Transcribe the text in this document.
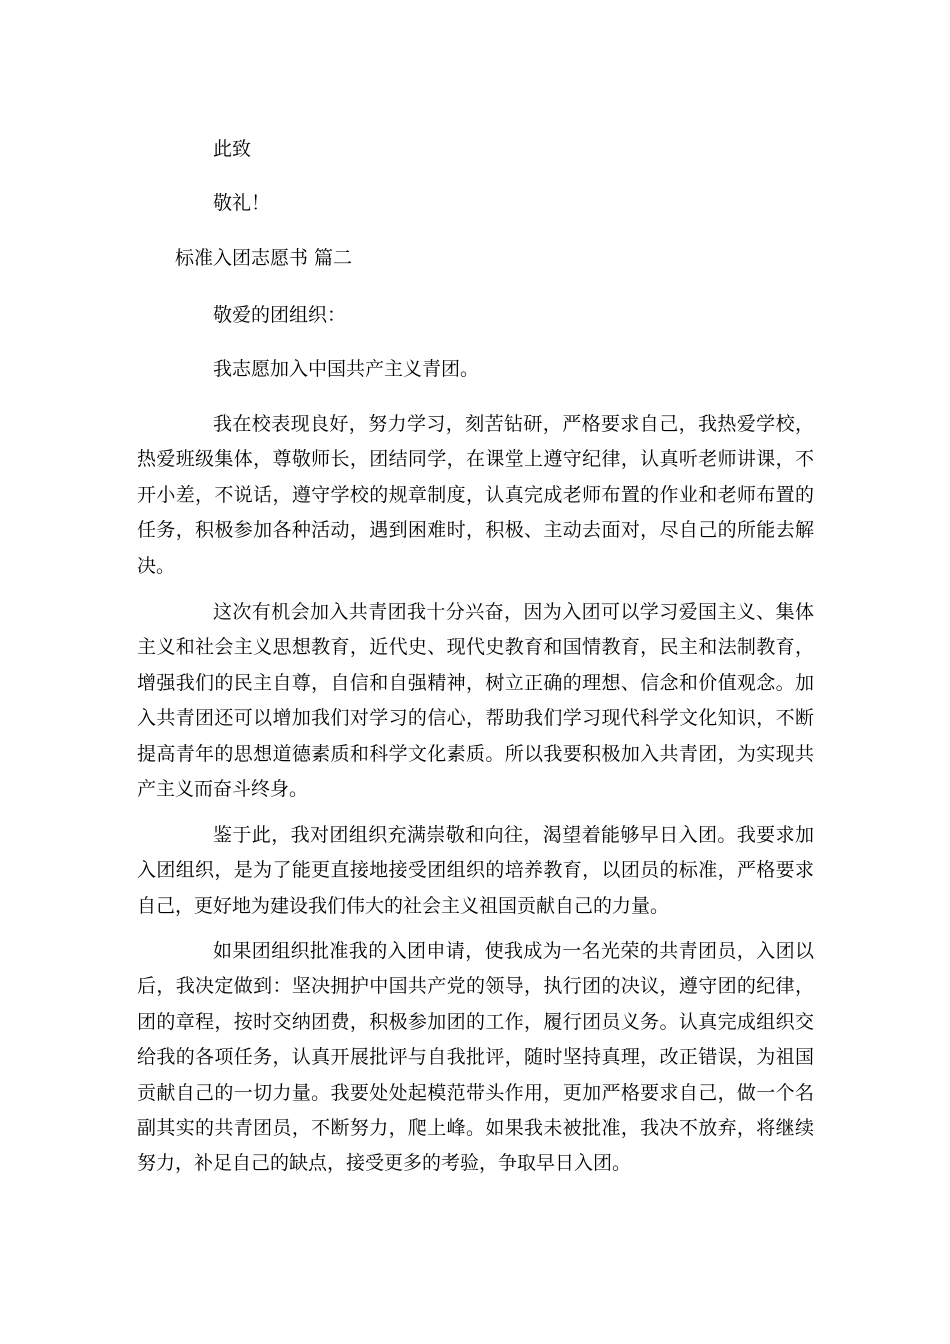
此致

敬礼！

标准入团志愿书 篇二

敬爱的团组织：

我志愿加入中国共产主义青团。

我在校表现良好，努力学习，刻苦钻研，严格要求自己，我热爱学校，热爱班级集体，尊敬师长，团结同学，在课堂上遵守纪律，认真听老师讲课，不开小差，不说话，遵守学校的规章制度，认真完成老师布置的作业和老师布置的任务，积极参加各种活动，遇到困难时，积极、主动去面对，尽自己的所能去解决。

这次有机会加入共青团我十分兴奋，因为入团可以学习爱国主义、集体主义和社会主义思想教育，近代史、现代史教育和国情教育，民主和法制教育，增强我们的民主自尊，自信和自强精神，树立正确的理想、信念和价值观念。加入共青团还可以增加我们对学习的信心，帮助我们学习现代科学文化知识，不断提高青年的思想道德素质和科学文化素质。所以我要积极加入共青团，为实现共产主义而奋斗终身。

鉴于此，我对团组织充满崇敬和向往，渴望着能够早日入团。我要求加入团组织，是为了能更直接地接受团组织的培养教育，以团员的标准，严格要求自己，更好地为建设我们伟大的社会主义祖国贡献自己的力量。

如果团组织批准我的入团申请，使我成为一名光荣的共青团员，入团以后，我决定做到：坚决拥护中国共产党的领导，执行团的决议，遵守团的纪律，团的章程，按时交纳团费，积极参加团的工作，履行团员义务。认真完成组织交给我的各项任务，认真开展批评与自我批评，随时坚持真理，改正错误，为祖国贡献自己的一切力量。我要处处起模范带头作用，更加严格要求自己，做一个名副其实的共青团员，不断努力，爬上峰。如果我未被批准，我决不放弃，将继续努力，补足自己的缺点，接受更多的考验，争取早日入团。
